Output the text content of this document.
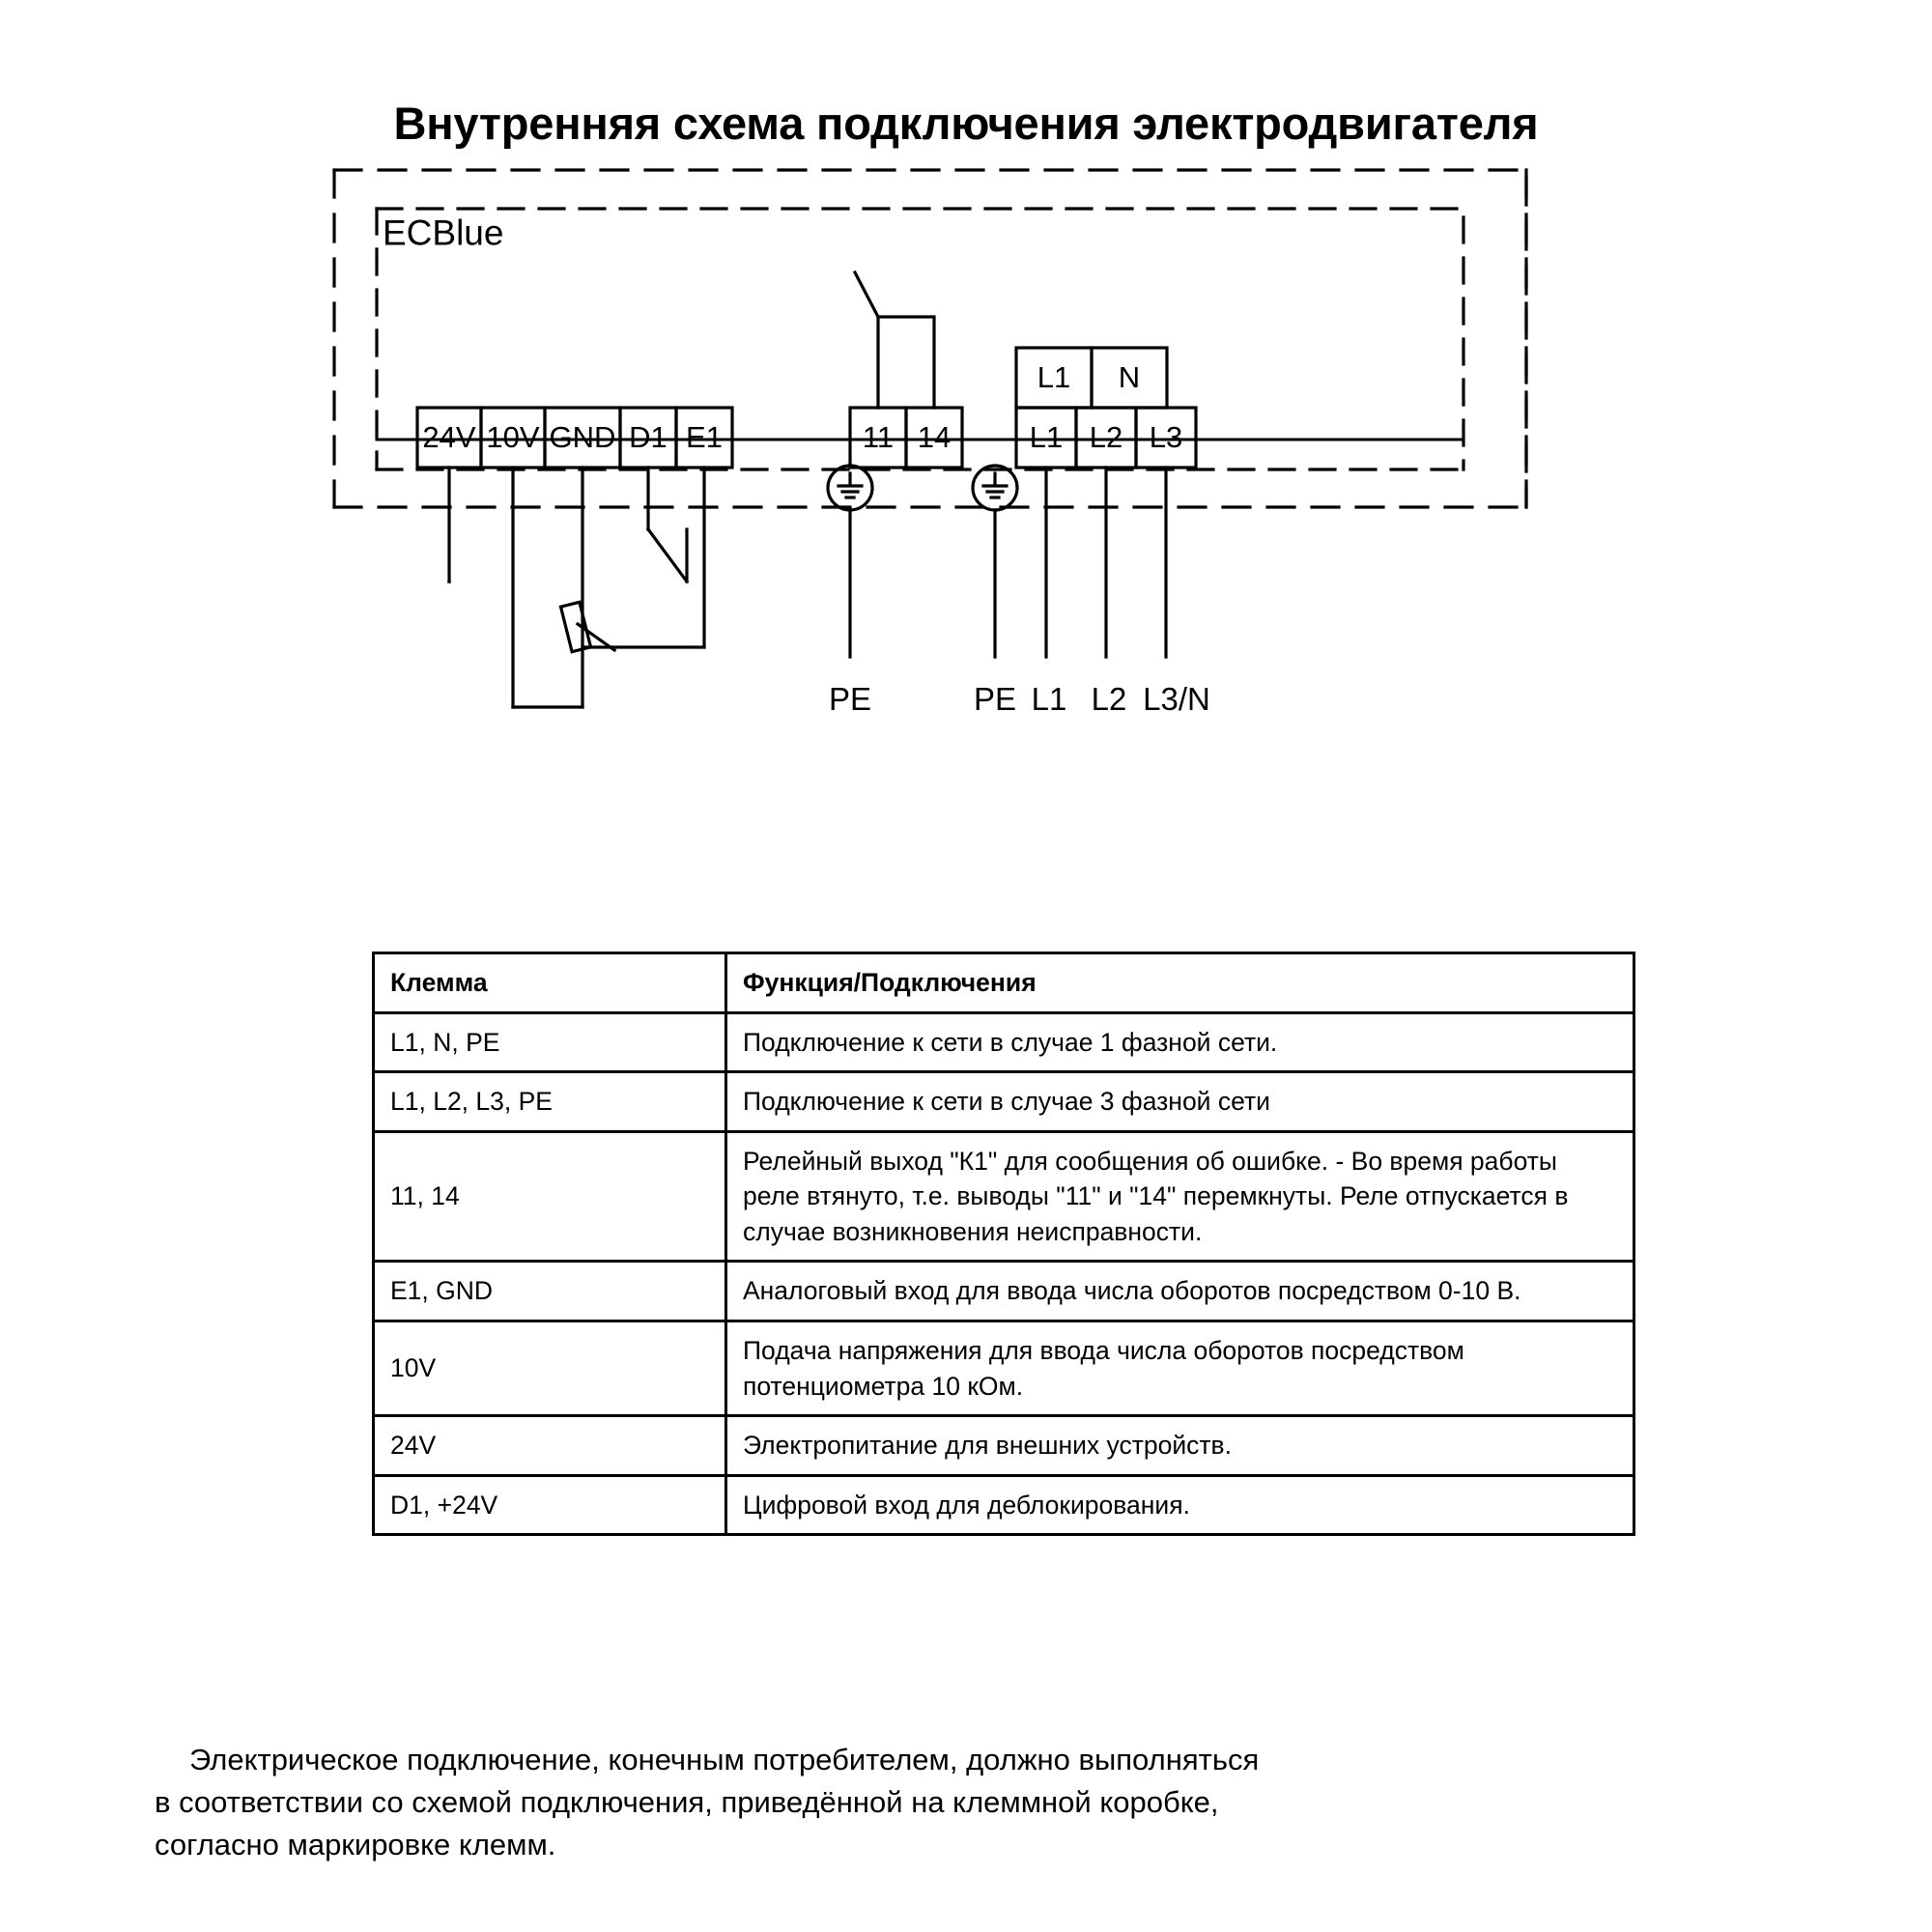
Внутренняя схема подключения электродвигателя
ECBlue
24V 10V GND D1 E1	11 14
L1 N
L1 L2 L3
PE	PE L1 L2 L3/N
Клемма	Функция/Подключения
L1, N, PE	Подключение к сети в случае 1 фазной сети.
L1, L2, L3, PE	Подключение к сети в случае 3 фазной сети
11, 14	Релейный выход "К1" для сообщения об ошибке. - Во время работы реле втянуто, т.е. выводы "11" и "14" перемкнуты. Реле отпускается в случае возникновения неисправности.
E1, GND	Аналоговый вход для ввода числа оборотов посредством 0-10 В.
10V	Подача напряжения для ввода числа оборотов посредством потенциометра 10 кОм.
24V	Электропитание для внешних устройств.
D1, +24V	Цифровой вход для деблокирования.
Электрическое подключение, конечным потребителем, должно выполняться
в соответствии со схемой подключения, приведённой на клеммной коробке,
согласно маркировке клемм.
